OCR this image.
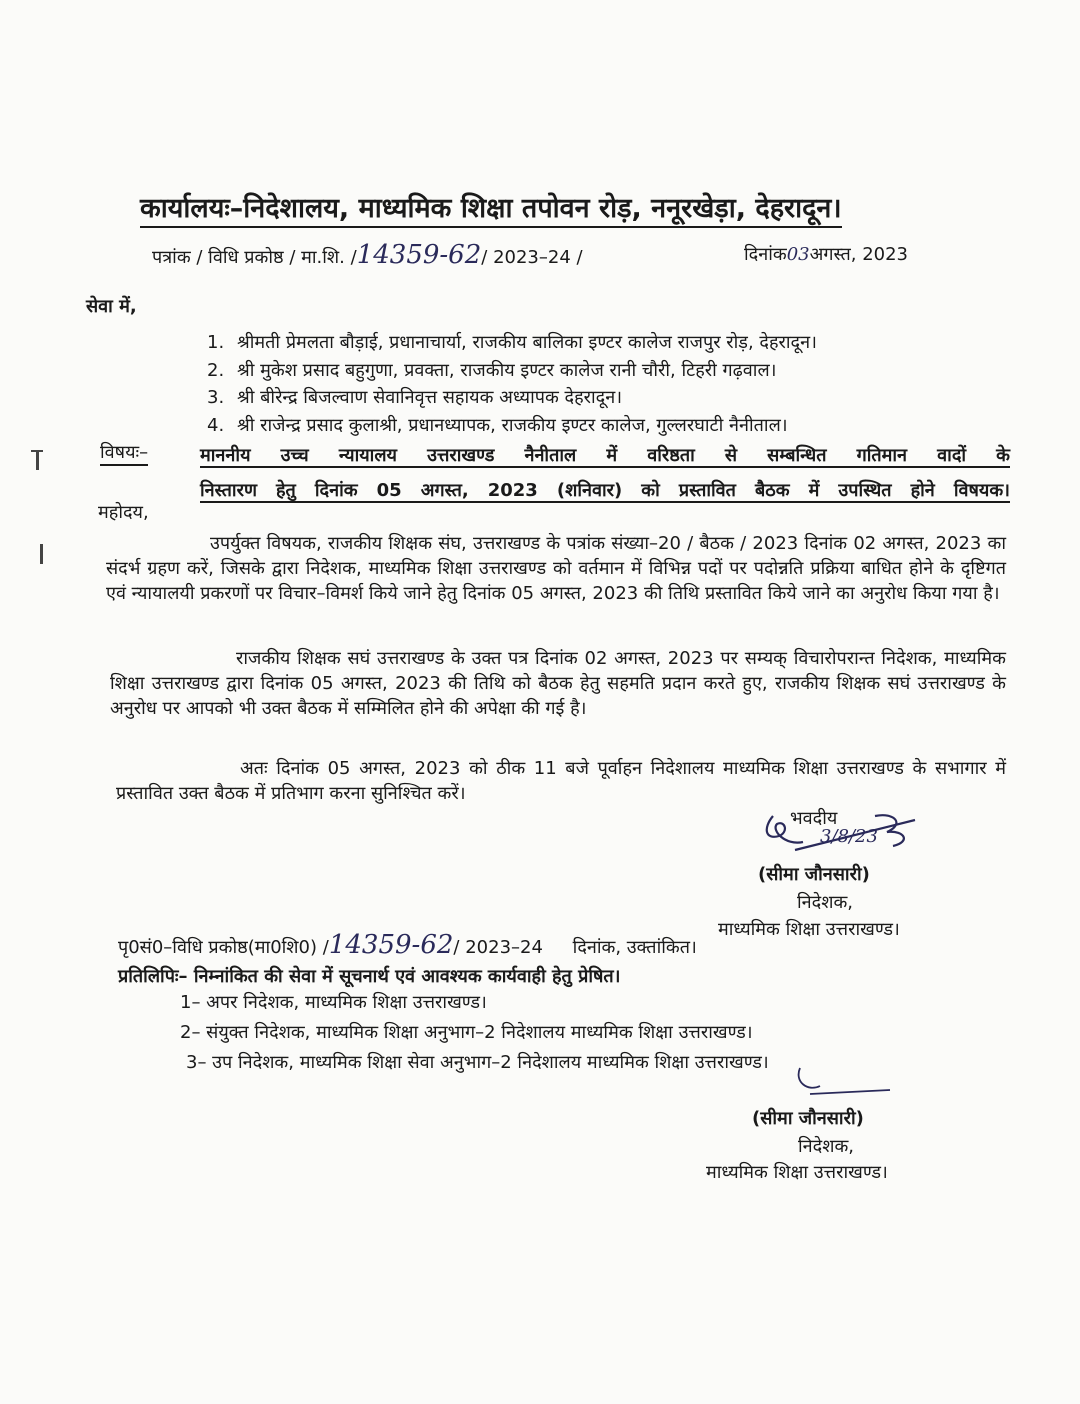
कार्यालयः–निदेशालय, माध्यमिक शिक्षा तपोवन रोड़, ननूरखेड़ा, देहरादून।
पत्रांक / विधि प्रकोष्ठ / मा.शि. /14359-62/ 2023–24 /	दिनांक03अगस्त, 2023
सेवा में,
1. श्रीमती प्रेमलता बौड़ाई, प्रधानाचार्या, राजकीय बालिका इण्टर कालेज राजपुर रोड़, देहरादून।
2. श्री मुकेश प्रसाद बहुगुणा, प्रवक्ता, राजकीय इण्टर कालेज रानी चौरी, टिहरी गढ़वाल।
3. श्री बीरेन्द्र बिजल्वाण सेवानिवृत्त सहायक अध्यापक देहरादून।
4. श्री राजेन्द्र प्रसाद कुलाश्री, प्रधानध्यापक, राजकीय इण्टर कालेज, गुल्लरघाटी नैनीताल।
विषयः–	माननीय उच्च न्यायालय उत्तराखण्ड नैनीताल में वरिष्ठता से सम्बन्धित गतिमान वादों के
निस्तारण हेतु दिनांक 05 अगस्त, 2023 (शनिवार) को प्रस्तावित बैठक में उपस्थित होने विषयक।
महोदय,

उपर्युक्त विषयक, राजकीय शिक्षक संघ, उत्तराखण्ड के पत्रांक संख्या–20 / बैठक / 2023 दिनांक 02 अगस्त, 2023 का संदर्भ ग्रहण करें, जिसके द्वारा निदेशक, माध्यमिक शिक्षा उत्तराखण्ड को वर्तमान में विभिन्न पदों पर पदोन्नति प्रक्रिया बाधित होने के दृष्टिगत एवं न्यायालयी प्रकरणों पर विचार–विमर्श किये जाने हेतु दिनांक 05 अगस्त, 2023 की तिथि प्रस्तावित किये जाने का अनुरोध किया गया है।

राजकीय शिक्षक सघं उत्तराखण्ड के उक्त पत्र दिनांक 02 अगस्त, 2023 पर सम्यक् विचारोपरान्त निदेशक, माध्यमिक शिक्षा उत्तराखण्ड द्वारा दिनांक 05 अगस्त, 2023 की तिथि को बैठक हेतु सहमति प्रदान करते हुए, राजकीय शिक्षक सघं उत्तराखण्ड के अनुरोध पर आपको भी उक्त बैठक में सम्मिलित होने की अपेक्षा की गई है।

अतः दिनांक 05 अगस्त, 2023 को ठीक 11 बजे पूर्वाहन निदेशालय माध्यमिक शिक्षा उत्तराखण्ड के सभागार में प्रस्तावित उक्त बैठक में प्रतिभाग करना सुनिश्चित करें।

भवदीय
3/8/23
(सीमा जौनसारी)
निदेशक,
माध्यमिक शिक्षा उत्तराखण्ड।
पृ0सं0–विधि प्रकोष्ठ(मा0शि0) /14359-62/ 2023–24 दिनांक, उक्तांकित।
प्रतिलिपिः– निम्नांकित की सेवा में सूचनार्थ एवं आवश्यक कार्यवाही हेतु प्रेषित।
1– अपर निदेशक, माध्यमिक शिक्षा उत्तराखण्ड।
2– संयुक्त निदेशक, माध्यमिक शिक्षा अनुभाग–2 निदेशालय माध्यमिक शिक्षा उत्तराखण्ड।
3– उप निदेशक, माध्यमिक शिक्षा सेवा अनुभाग–2 निदेशालय माध्यमिक शिक्षा उत्तराखण्ड।
(सीमा जौनसारी)
निदेशक,
माध्यमिक शिक्षा उत्तराखण्ड।
